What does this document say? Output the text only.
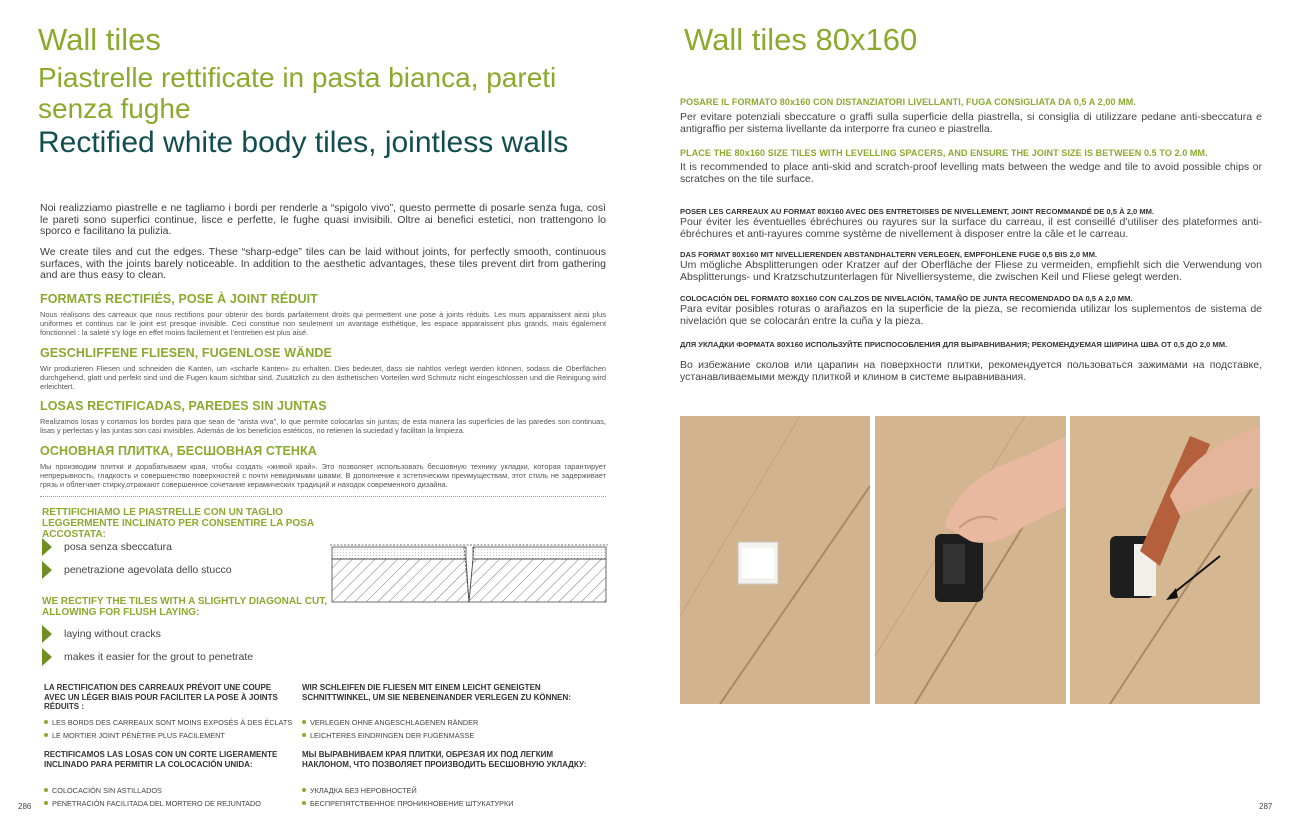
Wall tiles
Piastrelle rettificate in pasta bianca, pareti senza fughe
Rectified white body tiles, jointless walls
Noi realizziamo piastrelle e ne tagliamo i bordi per renderle a “spigolo vivo”, questo permette di posarle senza fuga, così le pareti sono superfici continue, lisce e perfette, le fughe quasi invisibili. Oltre ai benefici estetici, non trattengono lo sporco e facilitano la pulizia.
We create tiles and cut the edges. These “sharp-edge” tiles can be laid without joints, for perfectly smooth, continuous surfaces, with the joints barely noticeable. In addition to the aesthetic advantages, these tiles prevent dirt from gathering and are thus easy to clean.
FORMATS RECTIFIÉS, POSE À JOINT RÉDUIT
Nous réalisons des carreaux que nous rectifions pour obtenir des bords parfaitement droits qui permettent une pose à joints réduits. Les murs apparaissent ainsi plus uniformes et continus car le joint est presque invisible. Ceci constitue non seulement un avantage esthétique, les espace apparaissent plus grands, mais également fonctionnel : la saleté s’y loge en effet moins facilement et l’entretien est plus aisé.
GESCHLIFFENE FLIESEN, FUGENLOSE WÄNDE
Wir produzieren Fliesen und schneiden die Kanten, um «scharfe Kanten» zu erhalten. Dies bedeutet, dass sie nahtlos verlegt werden können, sodass die Oberflächen durchgehend, glatt und perfekt sind und die Fugen kaum sichtbar sind. Zusätzlich zu den ästhetischen Vorteilen wird Schmutz nicht eingeschlossen und die Reinigung wird erleichtert.
LOSAS RECTIFICADAS, PAREDES SIN JUNTAS
Realizamos losas y cortamos los bordes para que sean de “arista viva”, lo que permite colocarlas sin juntas; de esta manera las superficies de las paredes son continuas, lisas y perfectas y las juntas son casi invisibles. Además de los beneficios estéticos, no retienen la suciedad y facilitan la limpieza.
ОСНОВНАЯ ПЛИТКА, БЕСШОВНАЯ СТЕНКА
Мы производим плитки и дорабатываем края, чтобы создать «живой край». Это позволяет использовать бесшовную технику укладки, которая гарантирует непрерывность, гладкость и совершенство поверхностей с почти невидимыми швами. В дополнение к эстетическим преимуществам, этот стиль не задерживает грязь и облегчает стирку,отражают совершенное сочетание керамических традиций и находок современного дизайна.
RETTIFICHIAMO LE PIASTRELLE CON UN TAGLIO LEGGERMENTE INCLINATO PER CONSENTIRE LA POSA ACCOSTATA:
posa senza sbeccatura
penetrazione agevolata dello stucco
WE RECTIFY THE TILES WITH A SLIGHTLY DIAGONAL CUT, ALLOWING FOR FLUSH LAYING:
laying without cracks
makes it easier for the grout to penetrate
LA RECTIFICATION DES CARREAUX PRÉVOIT UNE COUPE AVEC UN LÉGER BIAIS POUR FACILITER LA POSE À JOINTS RÉDUITS :
LES BORDS DES CARREAUX SONT MOINS EXPOSÉS À DES ÉCLATS
LE MORTIER JOINT PÉNÈTRE PLUS FACILEMENT
WIR SCHLEIFEN DIE FLIESEN MIT EINEM LEICHT GENEIGTEN SCHNITTWINKEL, UM SIE NEBENEINANDER VERLEGEN ZU KÖNNEN:
VERLEGEN OHNE ANGESCHLAGENEN RÄNDER
LEICHTERES EINDRINGEN DER FUGENMASSE
RECTIFICAMOS LAS LOSAS CON UN CORTE LIGERAMENTE INCLINADO PARA PERMITIR LA COLOCACIÓN UNIDA:
COLOCACIÓN SIN ASTILLADOS
PENETRACIÓN FACILITADA DEL MORTERO DE REJUNTADO
МЫ ВЫРАВНИВАЕМ КРАЯ ПЛИТКИ, ОБРЕЗАЯ ИХ ПОД ЛЕГКИМ НАКЛОНОМ, ЧТО ПОЗВОЛЯЕТ ПРОИЗВОДИТЬ БЕСШОВНУЮ УКЛАДКУ:
УКЛАДКА БЕЗ НЕРОВНОСТЕЙ
БЕСПРЕПЯТСТВЕННОЕ ПРОНИКНОВЕНИЕ ШТУКАТУРКИ
286
Wall tiles 80x160
POSARE IL FORMATO 80x160 CON DISTANZIATORI LIVELLANTI, FUGA CONSIGLIATA DA 0,5 A 2,00 MM.
Per evitare potenziali sbeccature o graffi sulla superficie della piastrella, si consiglia di utilizzare pedane anti-sbeccatura e antigraffio per sistema livellante da interporre fra cuneo e piastrella.
PLACE THE 80x160 SIZE TILES WITH LEVELLING SPACERS, AND ENSURE THE JOINT SIZE IS BETWEEN 0.5 TO 2.0 MM.
It is recommended to place anti-skid and scratch-proof levelling mats between the wedge and tile to avoid possible chips or scratches on the tile surface.
POSER LES CARREAUX AU FORMAT 80X160 AVEC DES ENTRETOISES DE NIVELLEMENT, JOINT RECOMMANDÉ DE 0,5 À 2,0 MM.
Pour éviter les éventuelles ébréchures ou rayures sur la surface du carreau, il est conseillé d’utiliser des plateformes anti-ébréchures et anti-rayures comme système de nivellement à disposer entre la câle et le carreau.
DAS FORMAT 80X160 MIT NIVELLIERENDEN ABSTANDHALTERN VERLEGEN, EMPFOHLENE FUGE 0,5 BIS 2,0 MM.
Um mögliche Absplitterungen oder Kratzer auf der Oberfläche der Fliese zu vermeiden, empfiehlt sich die Verwendung von Absplitterungs- und Kratzschutzunterlagen für Nivelliersysteme, die zwischen Keil und Fliese gelegt werden.
COLOCACIÓN DEL FORMATO 80X160 CON CALZOS DE NIVELACIÓN, TAMAÑO DE JUNTA RECOMENDADO DA 0,5 A 2,0 MM.
Para evitar posibles roturas o arañazos en la superficie de la pieza, se recomienda utilizar los suplementos de sistema de nivelación que se colocarán entre la cuña y la pieza.
ДЛЯ УКЛАДКИ ФОРМАТА 80X160 ИСПОЛЬЗУЙТЕ ПРИСПОСОБЛЕНИЯ ДЛЯ ВЫРАВНИВАНИЯ; РЕКОМЕНДУЕМАЯ ШИРИНА ШВА ОТ 0,5 ДО 2,0 ММ.
Во избежание сколов или царапин на поверхности плитки, рекомендуется пользоваться зажимами на подставке, устанавливаемыми между плиткой и клином в системе выравнивания.
287
